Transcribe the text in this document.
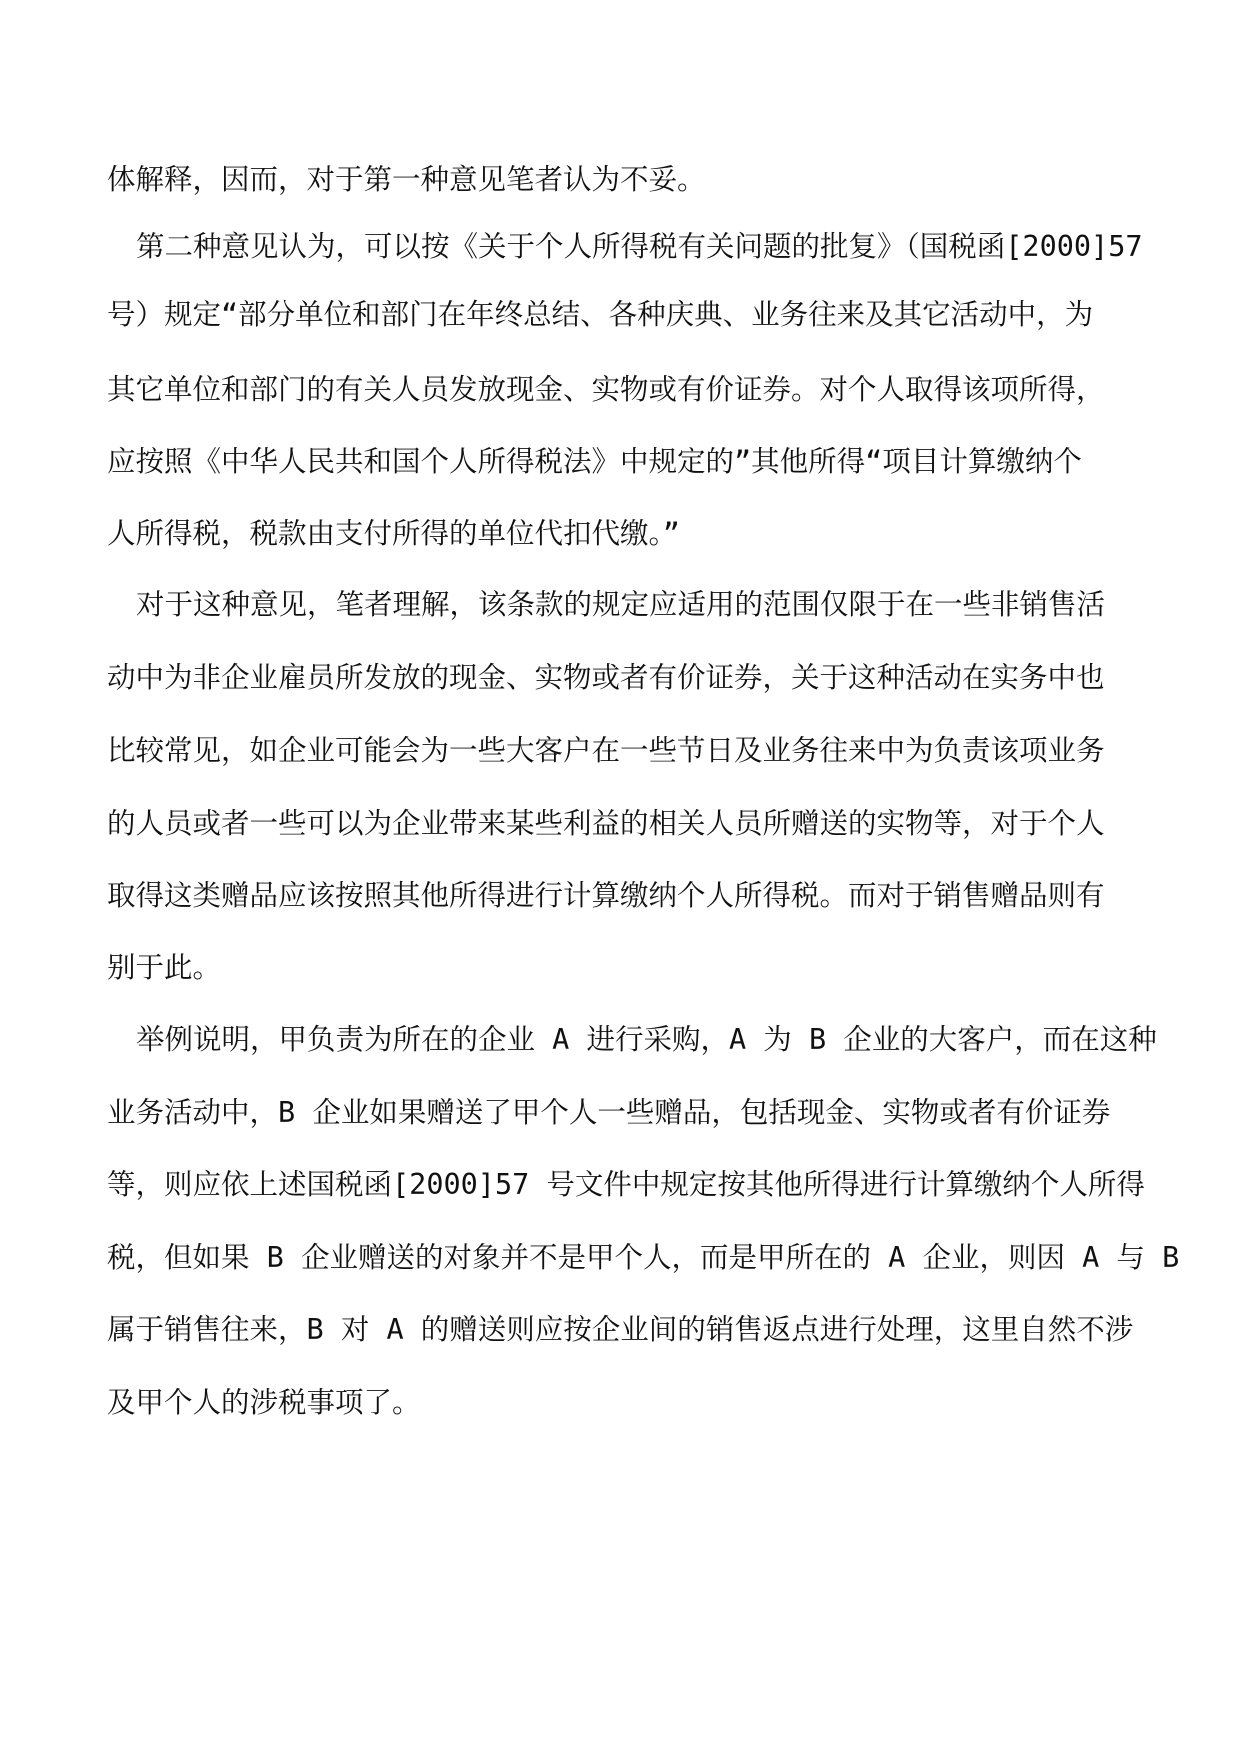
体解释，因而，对于第一种意见笔者认为不妥。
第二种意见认为，可以按《关于个人所得税有关问题的批复》（国税函[2000]57
号）规定“部分单位和部门在年终总结、各种庆典、业务往来及其它活动中，为
其它单位和部门的有关人员发放现金、实物或有价证券。对个人取得该项所得，
应按照《中华人民共和国个人所得税法》中规定的”其他所得“项目计算缴纳个
人所得税，税款由支付所得的单位代扣代缴。”
对于这种意见，笔者理解，该条款的规定应适用的范围仅限于在一些非销售活
动中为非企业雇员所发放的现金、实物或者有价证券，关于这种活动在实务中也
比较常见，如企业可能会为一些大客户在一些节日及业务往来中为负责该项业务
的人员或者一些可以为企业带来某些利益的相关人员所赠送的实物等，对于个人
取得这类赠品应该按照其他所得进行计算缴纳个人所得税。而对于销售赠品则有
别于此。
举例说明，甲负责为所在的企业 A 进行采购，A 为 B 企业的大客户，而在这种
业务活动中，B 企业如果赠送了甲个人一些赠品，包括现金、实物或者有价证券
等，则应依上述国税函[2000]57 号文件中规定按其他所得进行计算缴纳个人所得
税，但如果 B 企业赠送的对象并不是甲个人，而是甲所在的 A 企业，则因 A 与 B
属于销售往来，B 对 A 的赠送则应按企业间的销售返点进行处理，这里自然不涉
及甲个人的涉税事项了。
